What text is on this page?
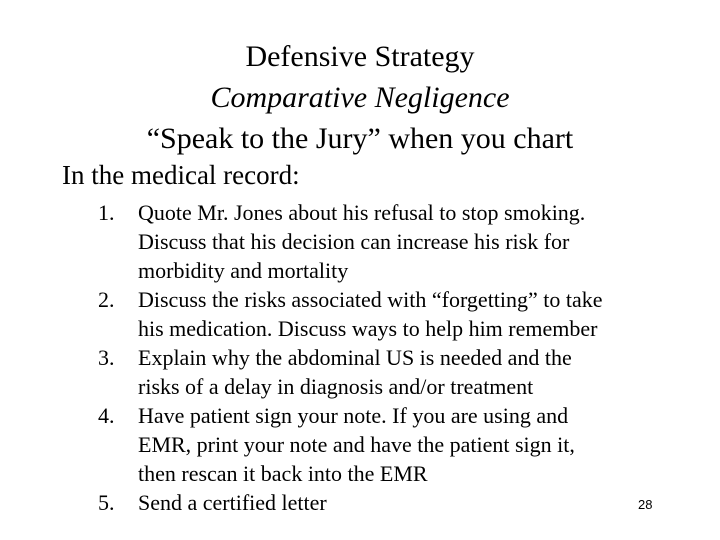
Defensive Strategy
Comparative Negligence
“Speak to the Jury” when you chart
In the medical record:
1.	Quote Mr. Jones about his refusal to stop smoking.
Discuss that his decision can increase his risk for
morbidity and mortality
2.	Discuss the risks associated with “forgetting” to take
his medication. Discuss ways to help him remember
3.	Explain why the abdominal US is needed and the
risks of a delay in diagnosis and/or treatment
4.	Have patient sign your note. If you are using and
EMR, print your note and have the patient sign it,
then rescan it back into the EMR
5.	Send a certified letter	28
